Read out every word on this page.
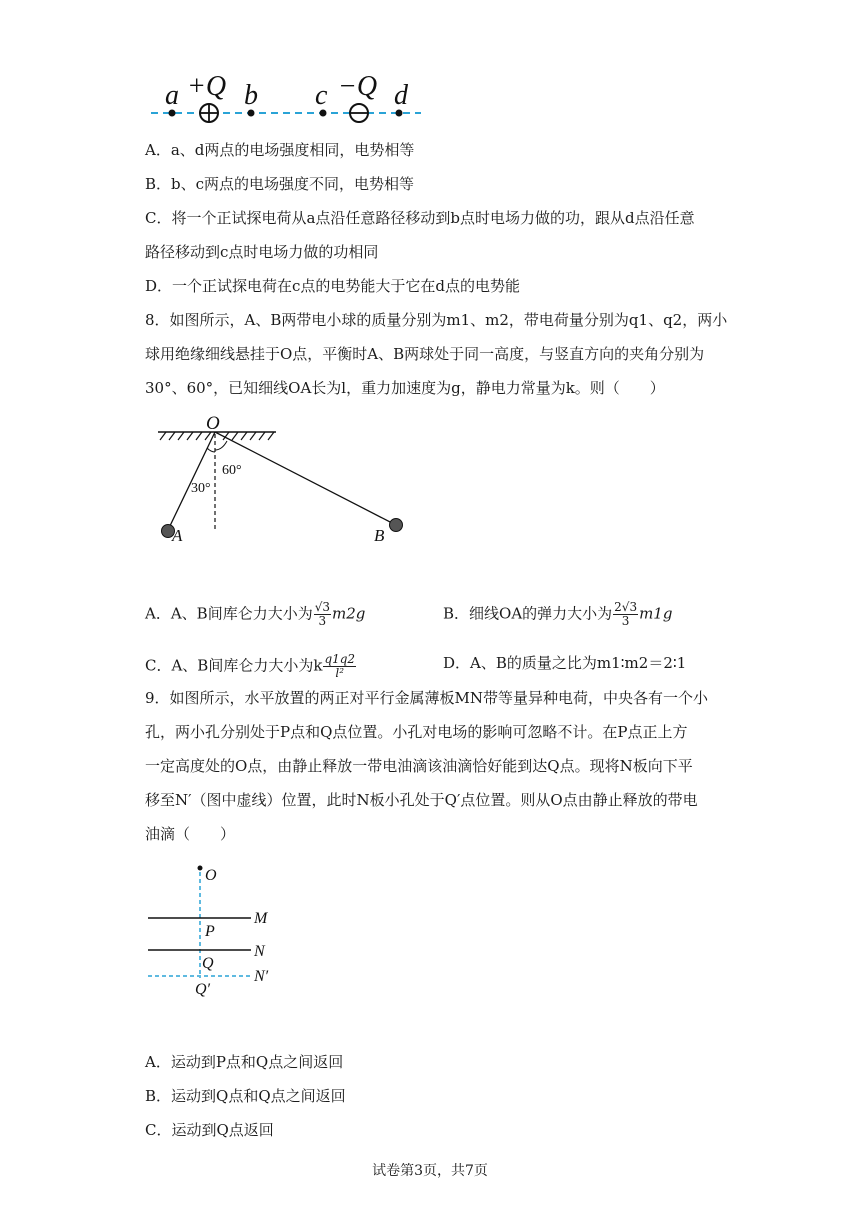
a +Q b c −Q d
A．a、d两点的电场强度相同，电势相等
B．b、c两点的电场强度不同，电势相等
C．将一个正试探电荷从a点沿任意路径移动到b点时电场力做的功，跟从d点沿任意
路径移动到c点时电场力做的功相同
D．一个正试探电荷在c点的电势能大于它在d点的电势能
8．如图所示，A、B两带电小球的质量分别为m1、m2，带电荷量分别为q1、q2，两小
球用绝缘细线悬挂于O点，平衡时A、B两球处于同一高度，与竖直方向的夹角分别为
30°、60°，已知细线OA长为l，重力加速度为g，静电力常量为k。则（　　）
O
60°
30°
A	B
A．A、B间库仑力大小为 $\frac{√3}{3} m2g$	B．细线OA的弹力大小为 $\frac{2√3}{3} m1g$
C．A、B间库仑力大小为k $\frac{q1q2}{\text{l²}}$	D．A、B的质量之比为m1∶m2＝2∶1
9．如图所示，水平放置的两正对平行金属薄板MN带等量异种电荷，中央各有一个小
孔，两小孔分别处于P点和Q点位置。小孔对电场的影响可忽略不计。在P点正上方
一定高度处的O点，由静止释放一带电油滴该油滴恰好能到达Q点。现将N板向下平
移至N′（图中虚线）位置，此时N板小孔处于Q′点位置。则从O点由静止释放的带电
油滴（　　）
O
M
P
N
Q
N′
Q′
A．运动到P点和Q点之间返回
B．运动到Q点和Q点之间返回
C．运动到Q点返回
试卷第3页，共7页
